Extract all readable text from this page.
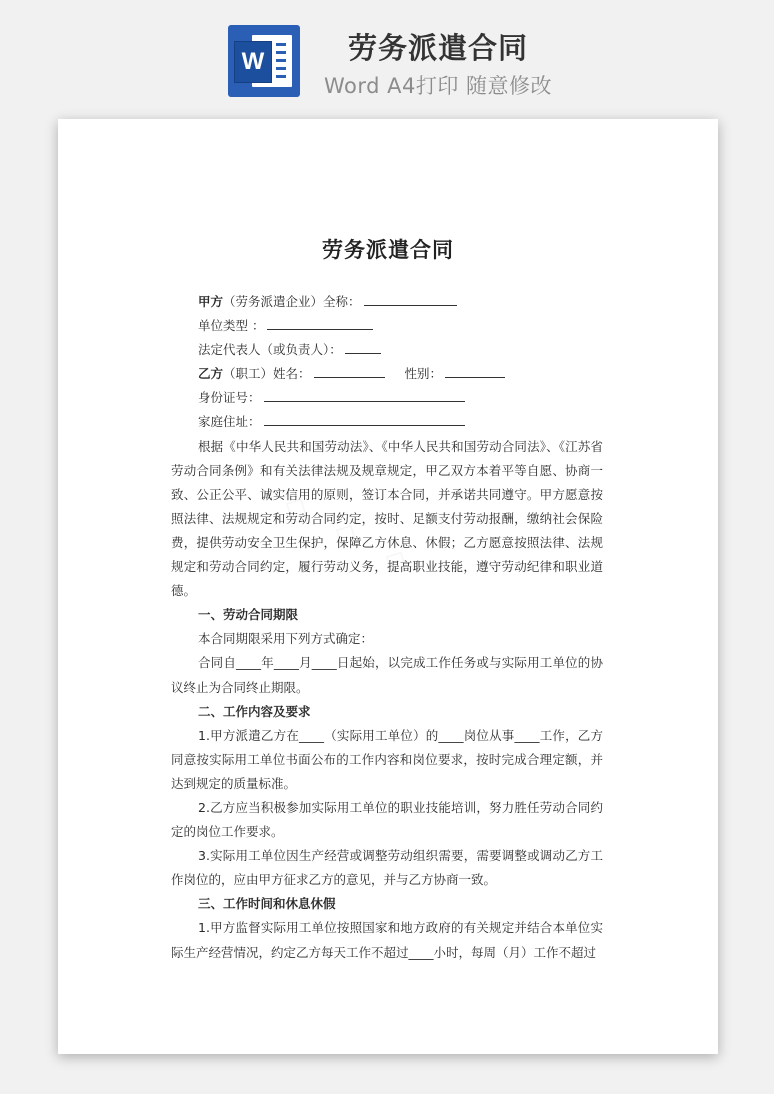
W	劳务派遣合同
Word A4打印 随意修改
劳务派遣合同

甲方（劳务派遣企业）全称：

单位类型 ：

法定代表人（或负责人）：

乙方（职工）姓名：	性别：

身份证号：

家庭住址：

根据《中华人民共和国劳动法》、《中华人民共和国劳动合同法》、《江苏省劳动合同条例》和有关法律法规及规章规定，甲乙双方本着平等自愿、协商一致、公正公平、诚实信用的原则，签订本合同，并承诺共同遵守。甲方愿意按照法律、法规规定和劳动合同约定，按时、足额支付劳动报酬，缴纳社会保险费，提供劳动安全卫生保护，保障乙方休息、休假；乙方愿意按照法律、法规规定和劳动合同约定，履行劳动义务，提高职业技能，遵守劳动纪律和职业道德。

一、劳动合同期限

本合同期限采用下列方式确定：

合同自____年____月____日起始，以完成工作任务或与实际用工单位的协议终止为合同终止期限。

二、工作内容及要求

1.甲方派遣乙方在____（实际用工单位）的____岗位从事____工作，乙方同意按实际用工单位书面公布的工作内容和岗位要求，按时完成合理定额，并达到规定的质量标准。

2.乙方应当积极参加实际用工单位的职业技能培训，努力胜任劳动合同约定的岗位工作要求。

3.实际用工单位因生产经营或调整劳动组织需要，需要调整或调动乙方工作岗位的，应由甲方征求乙方的意见，并与乙方协商一致。

三、工作时间和休息休假

1.甲方监督实际用工单位按照国家和地方政府的有关规定并结合本单位实际生产经营情况，约定乙方每天工作不超过____小时，每周（月）工作不超过
